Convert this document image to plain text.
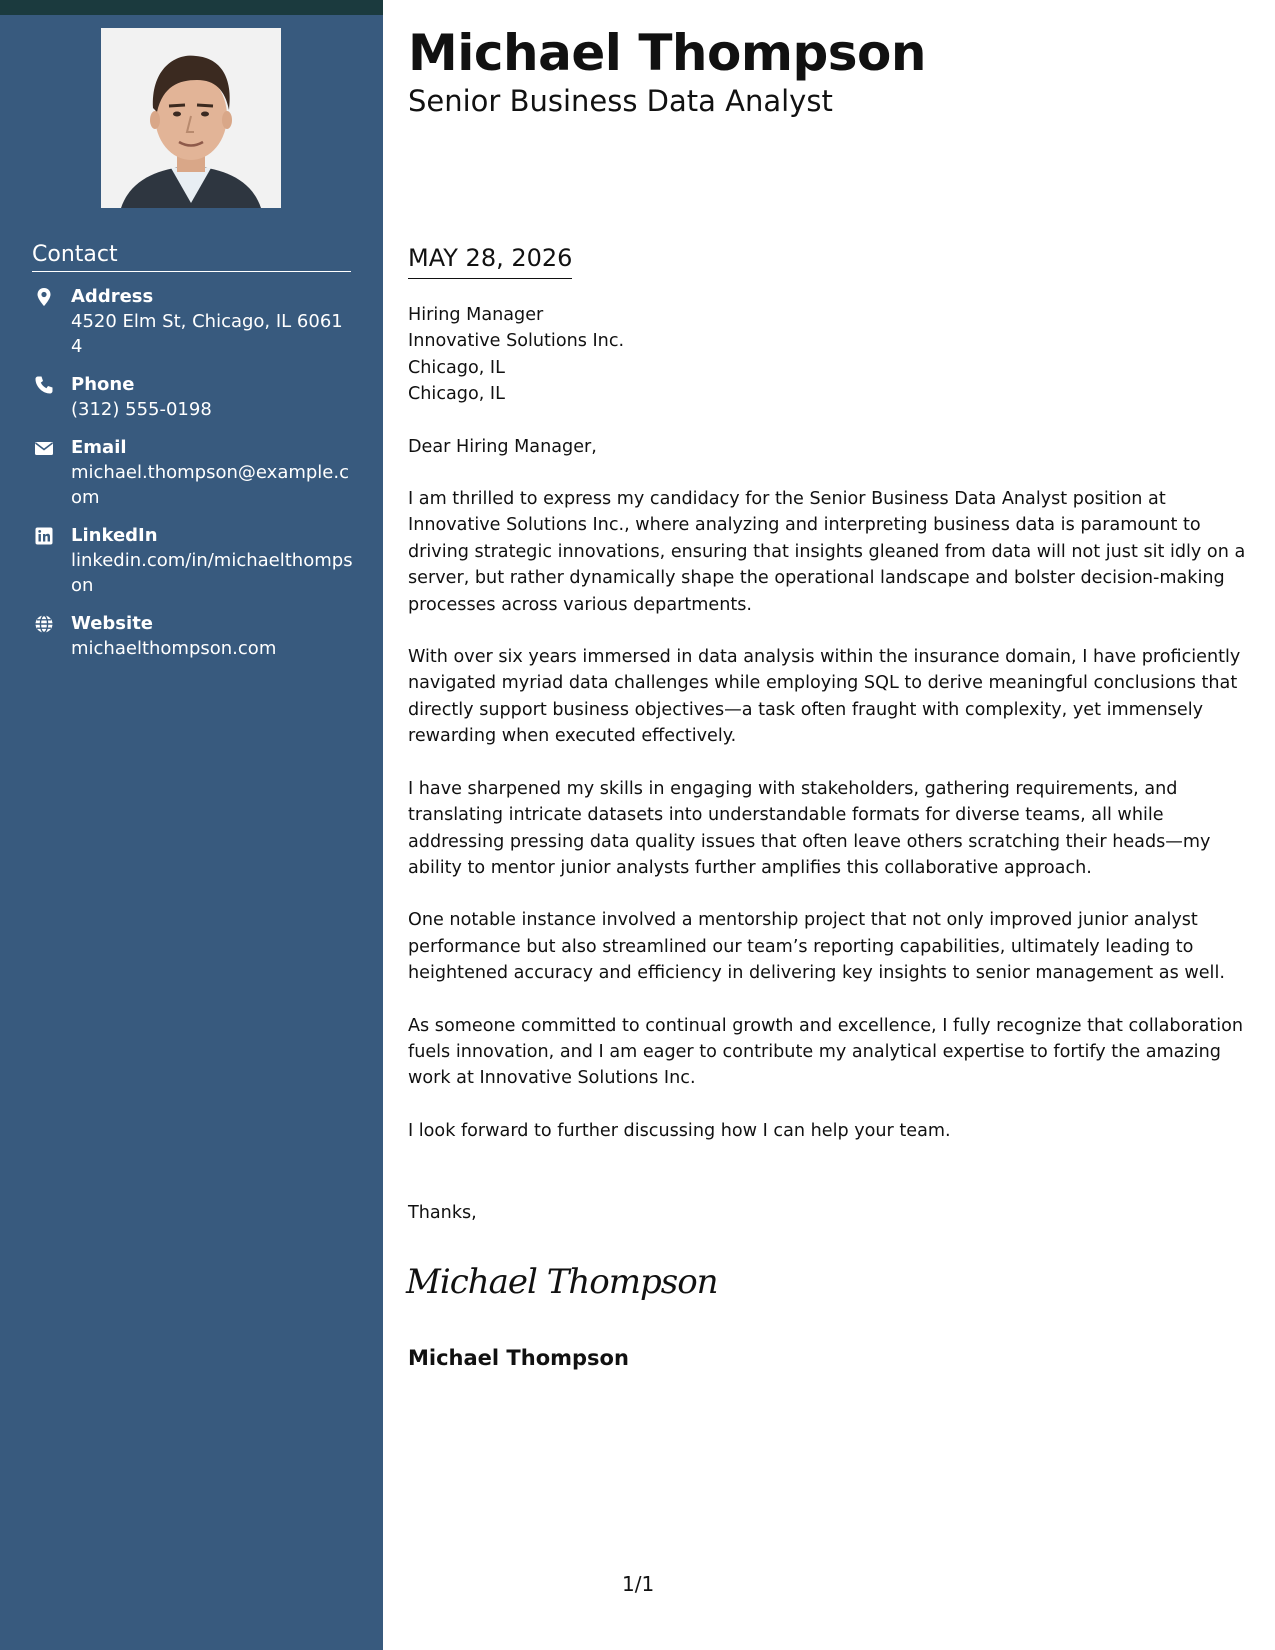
Contact
Address
4520 Elm St, Chicago, IL 60614
Phone
(312) 555-0198
Email
michael.thompson@example.com
LinkedIn
linkedin.com/in/michaelthompson
Website
michaelthompson.com
Michael Thompson
Senior Business Data Analyst
MAY 28, 2026

Hiring Manager

Innovative Solutions Inc.

Chicago, IL

Chicago, IL

Dear Hiring Manager,

I am thrilled to express my candidacy for the Senior Business Data Analyst position at Innovative Solutions Inc., where analyzing and interpreting business data is paramount to driving strategic innovations, ensuring that insights gleaned from data will not just sit idly on a server, but rather dynamically shape the operational landscape and bolster decision-making processes across various departments.

With over six years immersed in data analysis within the insurance domain, I have proficiently navigated myriad data challenges while employing SQL to derive meaningful conclusions that directly support business objectives—a task often fraught with complexity, yet immensely rewarding when executed effectively.

I have sharpened my skills in engaging with stakeholders, gathering requirements, and translating intricate datasets into understandable formats for diverse teams, all while addressing pressing data quality issues that often leave others scratching their heads—my ability to mentor junior analysts further amplifies this collaborative approach.

One notable instance involved a mentorship project that not only improved junior analyst performance but also streamlined our team’s reporting capabilities, ultimately leading to heightened accuracy and efficiency in delivering key insights to senior management as well.

As someone committed to continual growth and excellence, I fully recognize that collaboration fuels innovation, and I am eager to contribute my analytical expertise to fortify the amazing work at Innovative Solutions Inc.

I look forward to further discussing how I can help your team.

Thanks,
Michael Thompson
Michael Thompson
1/1
